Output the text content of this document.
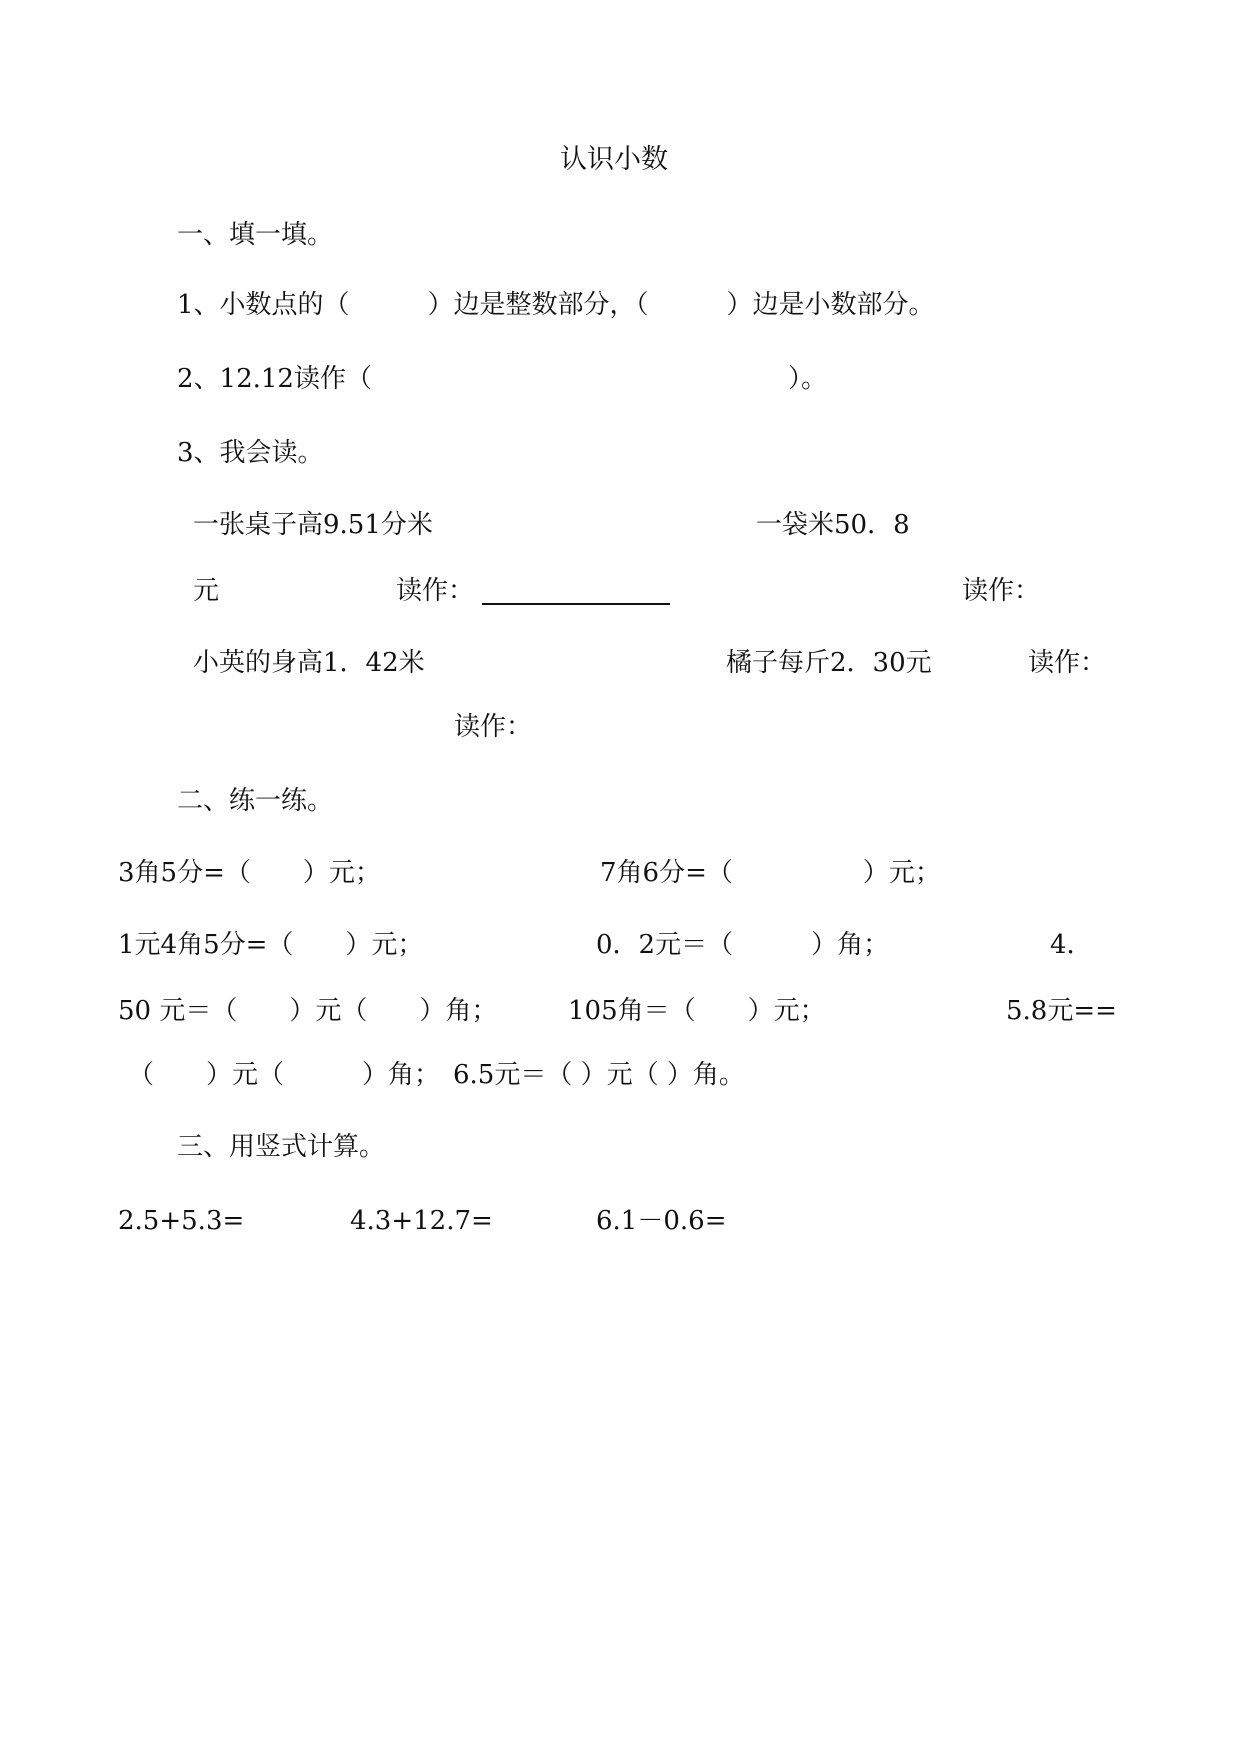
认识小数
一、填一填。
1、小数点的（　　　）边是整数部分，（　　　）边是小数部分。
2、12.12读作（　　　　　　　　　　　　　　　　）。
3、我会读。
一张桌子高9.51分米	一袋米50．8
元	读作：	读作：
小英的身高1．42米	橘子每斤2．30元	读作：
读作：
二、练一练。
3角5分=（　　）元；	7角6分=（　　　　　）元；
1元4角5分=（　　）元；	0．2元＝（　　　）角；	4．
50 元＝（　　）元（　　）角；	105角＝（　　）元；	5.8元==
（　　）元（　　　）角；　6.5元＝（ ）元（ ）角。
三、用竖式计算。
2.5+5.3=	4.3+12.7=	6.1－0.6=
